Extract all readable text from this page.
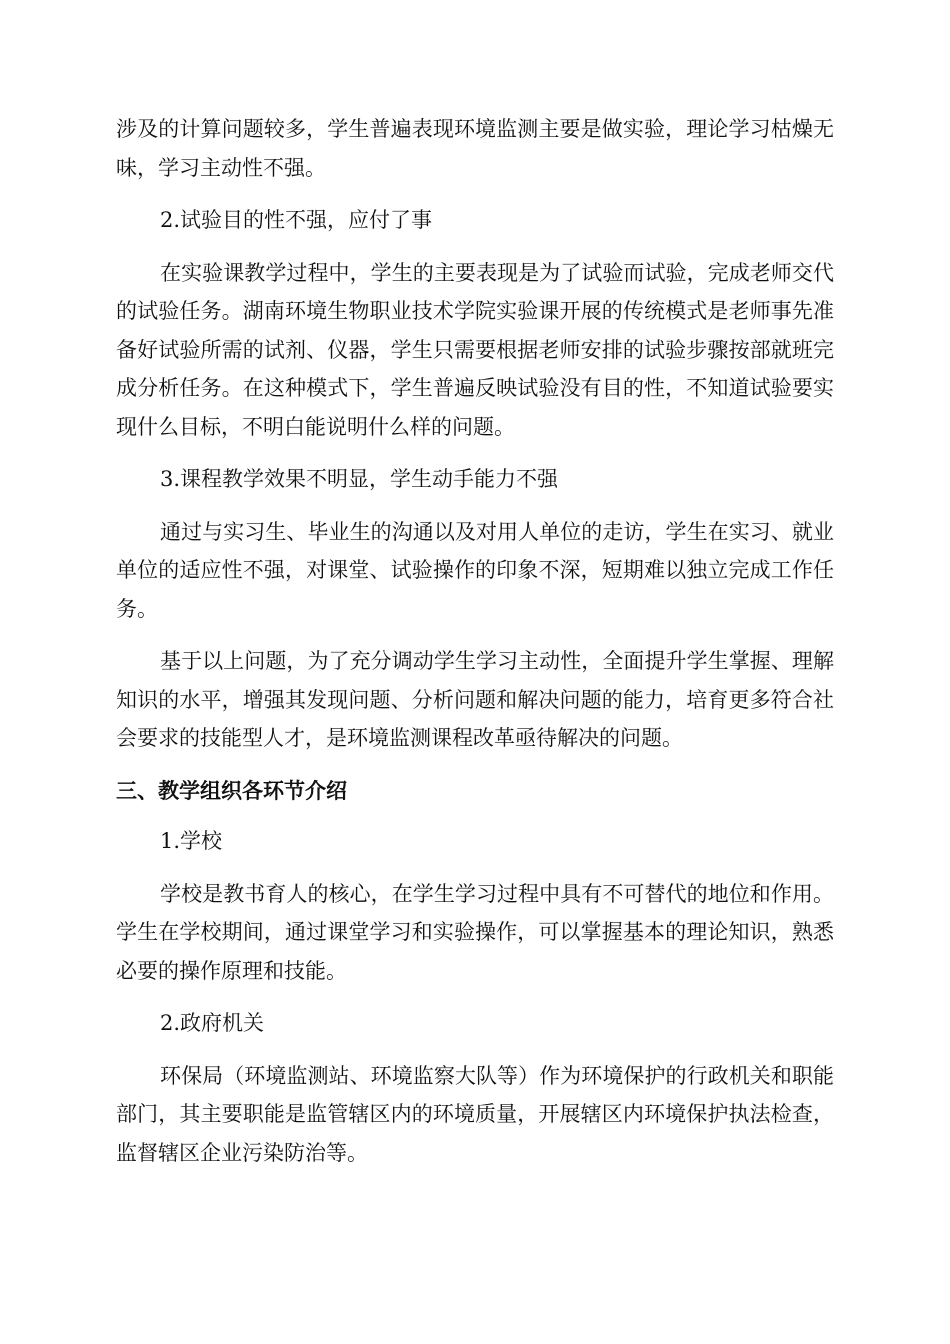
涉及的计算问题较多，学生普遍表现环境监测主要是做实验，理论学习枯燥无味，学习主动性不强。

2.试验目的性不强，应付了事

在实验课教学过程中，学生的主要表现是为了试验而试验，完成老师交代的试验任务。湖南环境生物职业技术学院实验课开展的传统模式是老师事先准备好试验所需的试剂、仪器，学生只需要根据老师安排的试验步骤按部就班完成分析任务。在这种模式下，学生普遍反映试验没有目的性，不知道试验要实现什么目标，不明白能说明什么样的问题。

3.课程教学效果不明显，学生动手能力不强

通过与实习生、毕业生的沟通以及对用人单位的走访，学生在实习、就业单位的适应性不强，对课堂、试验操作的印象不深，短期难以独立完成工作任务。

基于以上问题，为了充分调动学生学习主动性，全面提升学生掌握、理解知识的水平，增强其发现问题、分析问题和解决问题的能力，培育更多符合社会要求的技能型人才，是环境监测课程改革亟待解决的问题。

三、教学组织各环节介绍

1.学校

学校是教书育人的核心，在学生学习过程中具有不可替代的地位和作用。学生在学校期间，通过课堂学习和实验操作，可以掌握基本的理论知识，熟悉必要的操作原理和技能。

2.政府机关

环保局（环境监测站、环境监察大队等）作为环境保护的行政机关和职能部门，其主要职能是监管辖区内的环境质量，开展辖区内环境保护执法检查，监督辖区企业污染防治等。
